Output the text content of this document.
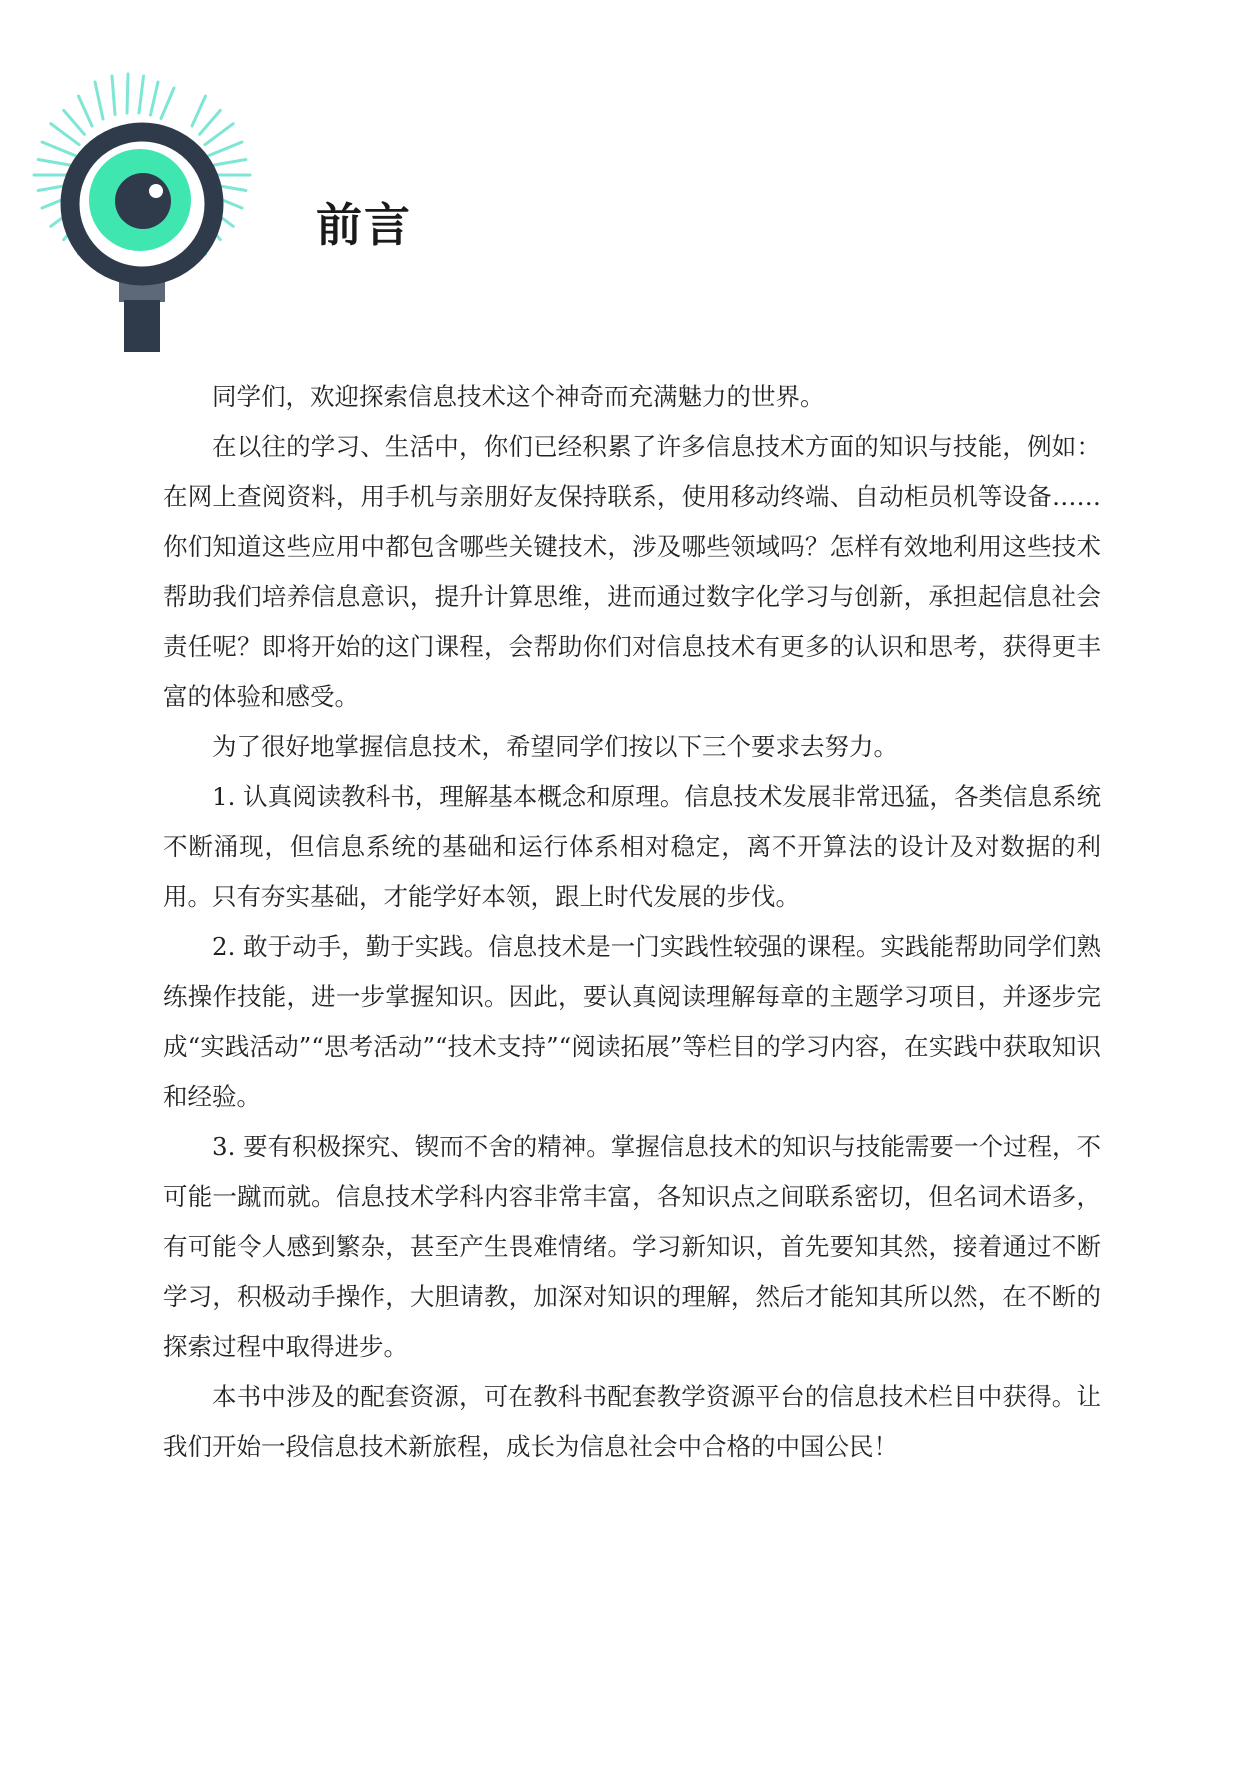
前言

同学们，欢迎探索信息技术这个神奇而充满魅力的世界。

在以往的学习、生活中，你们已经积累了许多信息技术方面的知识与技能，例如：在网上查阅资料，用手机与亲朋好友保持联系，使用移动终端、自动柜员机等设备……你们知道这些应用中都包含哪些关键技术，涉及哪些领域吗？怎样有效地利用这些技术帮助我们培养信息意识，提升计算思维，进而通过数字化学习与创新，承担起信息社会责任呢？即将开始的这门课程，会帮助你们对信息技术有更多的认识和思考，获得更丰富的体验和感受。

为了很好地掌握信息技术，希望同学们按以下三个要求去努力。

1. 认真阅读教科书，理解基本概念和原理。信息技术发展非常迅猛，各类信息系统不断涌现，但信息系统的基础和运行体系相对稳定，离不开算法的设计及对数据的利用。只有夯实基础，才能学好本领，跟上时代发展的步伐。

2. 敢于动手，勤于实践。信息技术是一门实践性较强的课程。实践能帮助同学们熟练操作技能，进一步掌握知识。因此，要认真阅读理解每章的主题学习项目，并逐步完成“实践活动”“思考活动”“技术支持”“阅读拓展”等栏目的学习内容，在实践中获取知识和经验。

3. 要有积极探究、锲而不舍的精神。掌握信息技术的知识与技能需要一个过程，不可能一蹴而就。信息技术学科内容非常丰富，各知识点之间联系密切，但名词术语多，有可能令人感到繁杂，甚至产生畏难情绪。学习新知识，首先要知其然，接着通过不断学习，积极动手操作，大胆请教，加深对知识的理解，然后才能知其所以然，在不断的探索过程中取得进步。

本书中涉及的配套资源，可在教科书配套教学资源平台的信息技术栏目中获得。让我们开始一段信息技术新旅程，成长为信息社会中合格的中国公民！
